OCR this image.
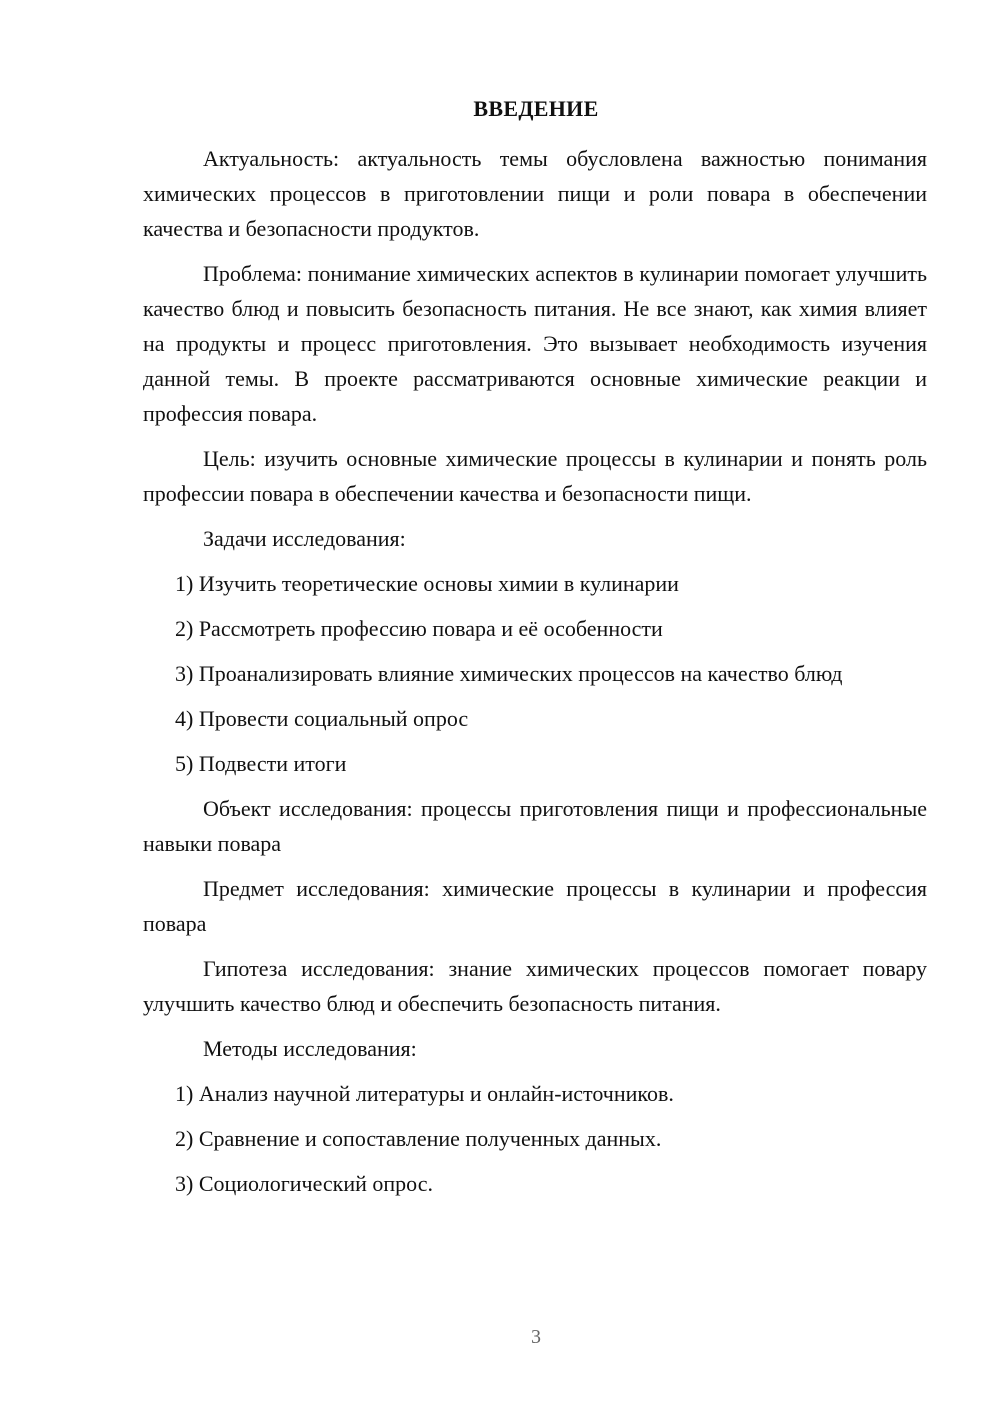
ВВЕДЕНИЕ

Актуальность: актуальность темы обусловлена важностью понимания химических процессов в приготовлении пищи и роли повара в обеспечении качества и безопасности продуктов.

Проблема: понимание химических аспектов в кулинарии помогает улучшить качество блюд и повысить безопасность питания. Не все знают, как химия влияет на продукты и процесс приготовления. Это вызывает необходимость изучения данной темы. В проекте рассматриваются основные химические реакции и профессия повара.

Цель: изучить основные химические процессы в кулинарии и понять роль профессии повара в обеспечении качества и безопасности пищи.

Задачи исследования:

1) Изучить теоретические основы химии в кулинарии

2) Рассмотреть профессию повара и её особенности

3) Проанализировать влияние химических процессов на качество блюд

4) Провести социальный опрос

5) Подвести итоги

Объект исследования: процессы приготовления пищи и профессиональные навыки повара

Предмет исследования: химические процессы в кулинарии и профессия повара

Гипотеза исследования: знание химических процессов помогает повару улучшить качество блюд и обеспечить безопасность питания.

Методы исследования:

1) Анализ научной литературы и онлайн-источников.

2) Сравнение и сопоставление полученных данных.

3) Социологический опрос.

3
